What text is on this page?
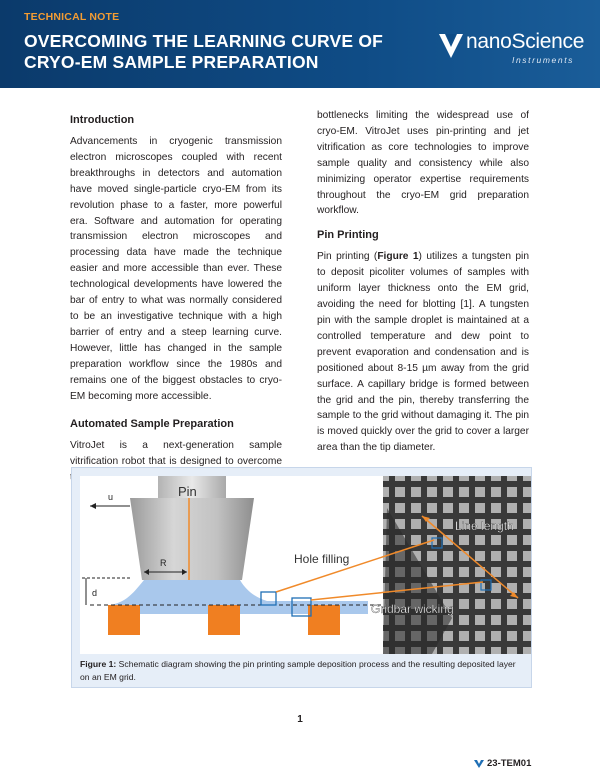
TECHNICAL NOTE
OVERCOMING THE LEARNING CURVE OF CRYO-EM SAMPLE PREPARATION
nanoScience
Instruments
Introduction

Advancements in cryogenic transmission electron microscopes coupled with recent breakthroughs in detectors and automation have moved single-particle cryo-EM from its revolution phase to a faster, more powerful era. Software and automation for operating transmission electron microscopes and processing data have made the technique easier and more accessible than ever. These technological developments have lowered the bar of entry to what was normally considered to be an investigative technique with a high barrier of entry and a steep learning curve. However, little has changed in the sample preparation workflow since the 1980s and remains one of the biggest obstacles to cryo-EM becoming more accessible.

Automated Sample Preparation

VitroJet is a next-generation sample vitrification robot that is designed to overcome

bottlenecks limiting the widespread use of cryo-EM. VitroJet uses pin-printing and jet vitrification as core technologies to improve sample quality and consistency while also minimizing operator expertise requirements throughout the cryo-EM grid preparation workflow.

Pin Printing

Pin printing (Figure 1) utilizes a tungsten pin to deposit picoliter volumes of samples with uniform layer thickness onto the EM grid, avoiding the need for blotting [1]. A tungsten pin with the sample droplet is maintained at a controlled temperature and dew point to prevent evaporation and condensation and is positioned about 8-15 µm away from the grid surface. A capillary bridge is formed between the grid and the pin, thereby transferring the sample to the grid without damaging it. The pin is moved quickly over the grid to cover a larger area than the tip diameter.

R
u
d
Pin
Hole filling
Line length
Gridbar wicking
Figure 1: Schematic diagram showing the pin printing sample deposition process and the resulting deposited layer on an EM grid.
1
23-TEM01
